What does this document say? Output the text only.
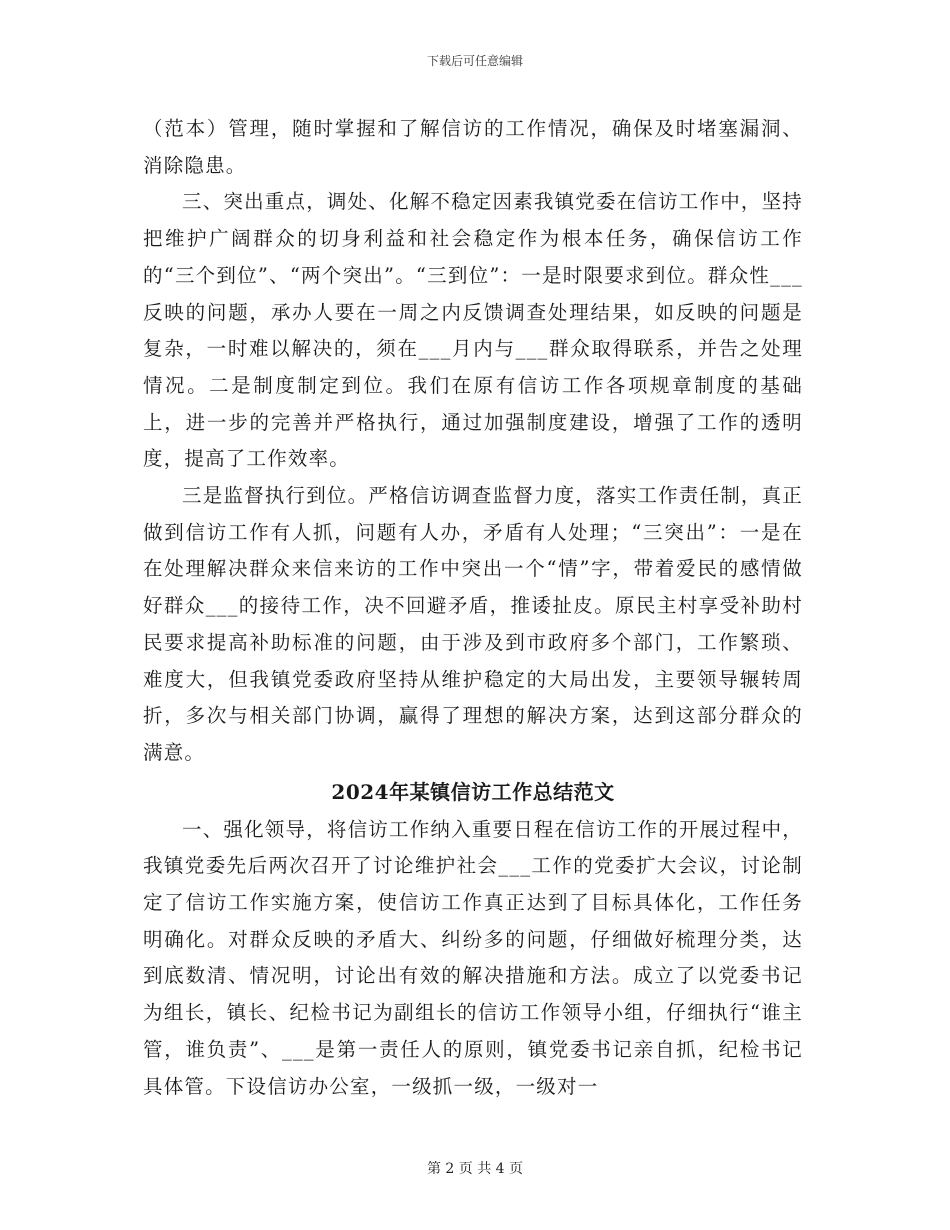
下载后可任意编辑

（范本）管理，随时掌握和了解信访的工作情况，确保及时堵塞漏洞、消除隐患。

三、突出重点，调处、化解不稳定因素我镇党委在信访工作中，坚持把维护广阔群众的切身利益和社会稳定作为根本任务，确保信访工作的“三个到位”、“两个突出”。“三到位”：一是时限要求到位。群众性___反映的问题，承办人要在一周之内反馈调查处理结果，如反映的问题是复杂，一时难以解决的，须在___月内与___群众取得联系，并告之处理情况。二是制度制定到位。我们在原有信访工作各项规章制度的基础上，进一步的完善并严格执行，通过加强制度建设，增强了工作的透明度，提高了工作效率。

三是监督执行到位。严格信访调查监督力度，落实工作责任制，真正做到信访工作有人抓，问题有人办，矛盾有人处理；“三突出”：一是在在处理解决群众来信来访的工作中突出一个“情”字，带着爱民的感情做好群众___的接待工作，决不回避矛盾，推诿扯皮。原民主村享受补助村民要求提高补助标准的问题，由于涉及到市政府多个部门，工作繁琐、难度大，但我镇党委政府坚持从维护稳定的大局出发，主要领导辗转周折，多次与相关部门协调，赢得了理想的解决方案，达到这部分群众的满意。

2024年某镇信访工作总结范文

一、强化领导，将信访工作纳入重要日程在信访工作的开展过程中，我镇党委先后两次召开了讨论维护社会___工作的党委扩大会议，讨论制定了信访工作实施方案，使信访工作真正达到了目标具体化，工作任务明确化。对群众反映的矛盾大、纠纷多的问题，仔细做好梳理分类，达到底数清、情况明，讨论出有效的解决措施和方法。成立了以党委书记为组长，镇长、纪检书记为副组长的信访工作领导小组，仔细执行“谁主管，谁负责”、___是第一责任人的原则，镇党委书记亲自抓，纪检书记具体管。下设信访办公室，一级抓一级，一级对一

第 2 页 共 4 页
